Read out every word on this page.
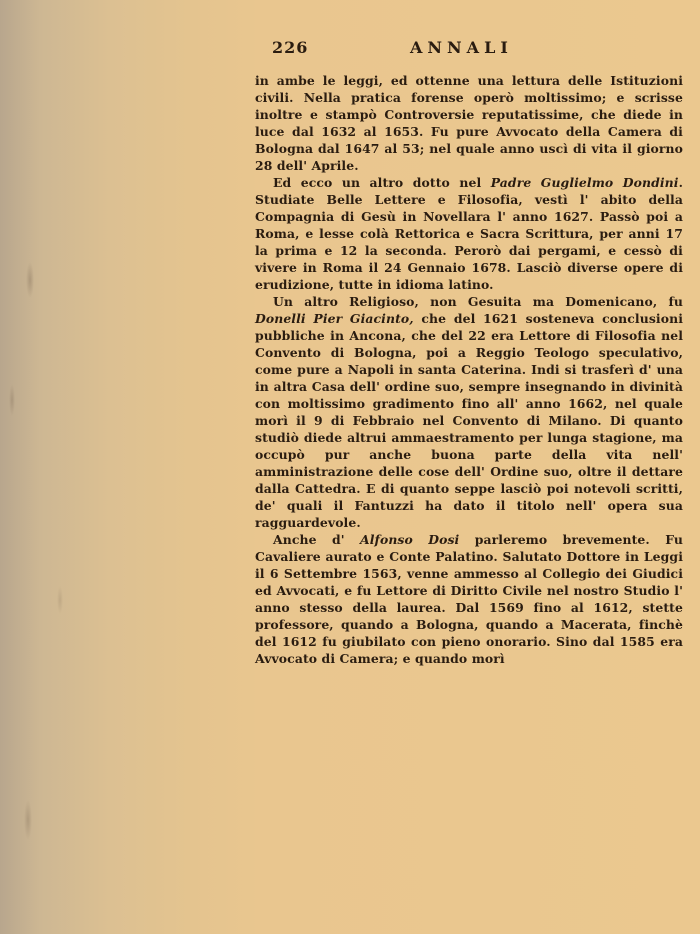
226	ANNALI

in ambe le leggi, ed ottenne una lettura delle Istituzioni civili. Nella pratica forense operò moltissimo; e scrisse inoltre e stampò Controversie reputatissime, che diede in luce dal 1632 al 1653. Fu pure Avvocato della Camera di Bologna dal 1647 al 53; nel quale anno uscì di vita il giorno 28 dell' Aprile.

Ed ecco un altro dotto nel Padre Guglielmo Dondini. Studiate Belle Lettere e Filosofia, vestì l' abito della Compagnia di Gesù in Novellara l' anno 1627. Passò poi a Roma, e lesse colà Rettorica e Sacra Scrittura, per anni 17 la prima e 12 la seconda. Perorò dai pergami, e cessò di vivere in Roma il 24 Gennaio 1678. Lasciò diverse opere di erudizione, tutte in idioma latino.

Un altro Religioso, non Gesuita ma Domenicano, fu Donelli Pier Giacinto, che del 1621 sosteneva conclusioni pubbliche in Ancona, che del 22 era Lettore di Filosofia nel Convento di Bologna, poi a Reggio Teologo speculativo, come pure a Napoli in santa Caterina. Indi si trasferì d' una in altra Casa dell' ordine suo, sempre insegnando in divinità con moltissimo gradimento fino all' anno 1662, nel quale morì il 9 di Febbraio nel Convento di Milano. Di quanto studiò diede altrui ammaestramento per lunga stagione, ma occupò pur anche buona parte della vita nell' amministrazione delle cose dell' Ordine suo, oltre il dettare dalla Cattedra. E di quanto seppe lasciò poi notevoli scritti, de' quali il Fantuzzi ha dato il titolo nell' opera sua ragguardevole.

Anche d' Alfonso Dosi parleremo brevemente. Fu Cavaliere aurato e Conte Palatino. Salutato Dottore in Leggi il 6 Settembre 1563, venne ammesso al Collegio dei Giudici ed Avvocati, e fu Lettore di Diritto Civile nel nostro Studio l' anno stesso della laurea. Dal 1569 fino al 1612, stette professore, quando a Bologna, quando a Macerata, finchè del 1612 fu giubilato con pieno onorario. Sino dal 1585 era Avvocato di Camera; e quando morì
